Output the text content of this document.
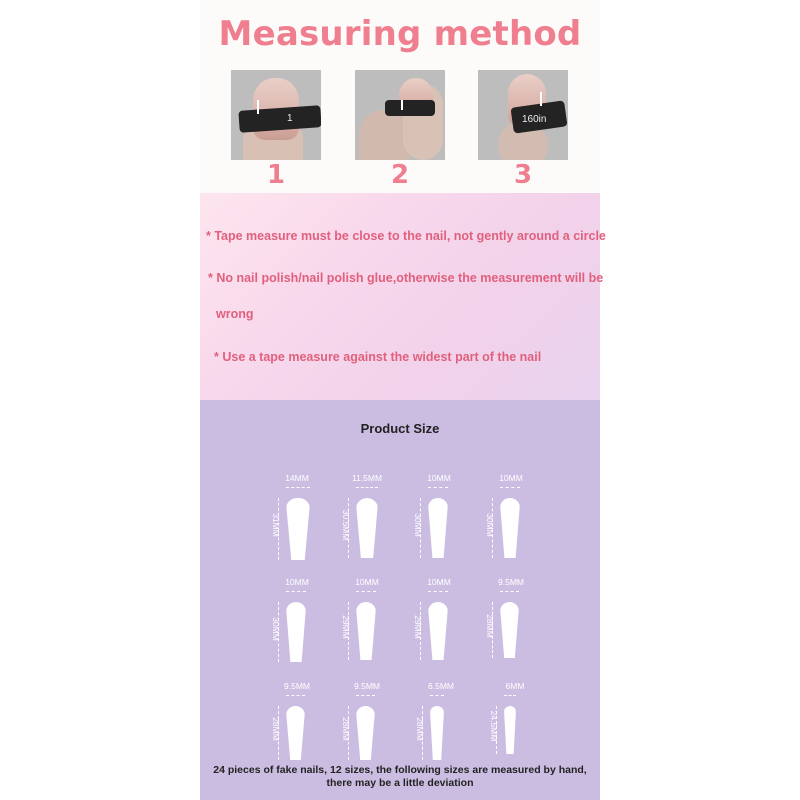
Measuring method
1
1	2
160in
3
* Tape measure must be close to the nail, not gently around a circle
* No nail polish/nail polish glue,otherwise the measurement will be
wrong
* Use a tape measure against the widest part of the nail
Product Size
14MM
31MM
11.5MM
30.5MM
10MM
30MM
10MM
30MM
10MM
30MM
10MM
29MM
10MM
29MM
9.5MM
28MM
9.5MM
28MM
9.5MM
28MM
6.5MM
28MM
6MM
24.5MM
24 pieces of fake nails, 12 sizes, the following sizes are measured by hand,
there may be a little deviation
